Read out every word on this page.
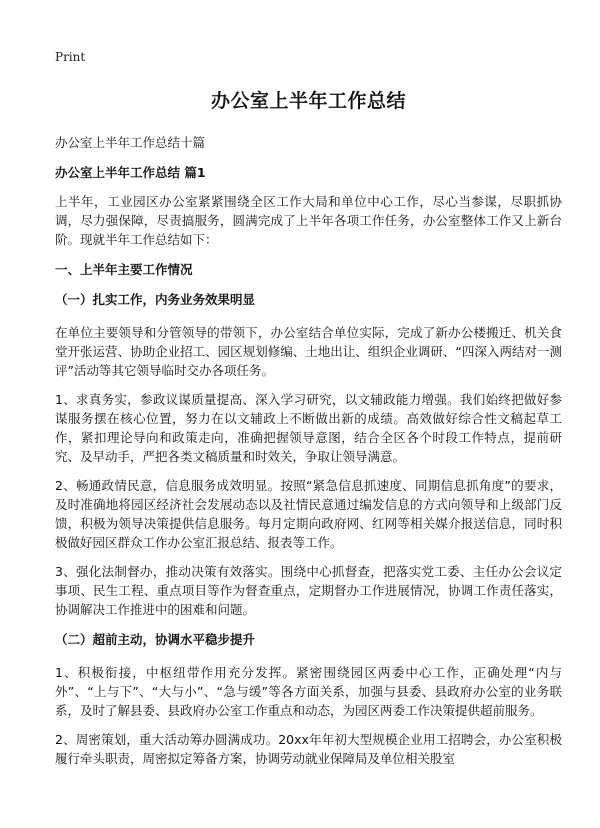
Print
办公室上半年工作总结

办公室上半年工作总结十篇

办公室上半年工作总结 篇1

上半年，工业园区办公室紧紧围绕全区工作大局和单位中心工作，尽心当参谋，尽职抓协调，尽力强保障，尽责搞服务，圆满完成了上半年各项工作任务，办公室整体工作又上新台阶。现就半年工作总结如下：

一、上半年主要工作情况

（一）扎实工作，内务业务效果明显

在单位主要领导和分管领导的带领下，办公室结合单位实际，完成了新办公楼搬迁、机关食堂开张运营、协助企业招工、园区规划修编、土地出让、组织企业调研、“四深入两结对一测评”活动等其它领导临时交办各项任务。

1、求真务实，参政议谋质量提高、深入学习研究，以文辅政能力增强。我们始终把做好参谋服务摆在核心位置，努力在以文辅政上不断做出新的成绩。高效做好综合性文稿起草工作，紧扣理论导向和政策走向，准确把握领导意图，结合全区各个时段工作特点，提前研究、及早动手，严把各类文稿质量和时效关，争取让领导满意。

2、畅通政情民意，信息服务成效明显。按照“紧急信息抓速度、同期信息抓角度”的要求，及时准确地将园区经济社会发展动态以及社情民意通过编发信息的方式向领导和上级部门反馈，积极为领导决策提供信息服务。每月定期向政府网、红网等相关媒介报送信息，同时积极做好园区群众工作办公室汇报总结、报表等工作。

3、强化法制督办，推动决策有效落实。围绕中心抓督查，把落实党工委、主任办公会议定事项、民生工程、重点项目等作为督查重点，定期督办工作进展情况，协调工作责任落实，协调解决工作推进中的困难和问题。

（二）超前主动，协调水平稳步提升

1、积极衔接，中枢纽带作用充分发挥。紧密围绕园区两委中心工作，正确处理“内与外”、“上与下”、“大与小”、“急与缓”等各方面关系，加强与县委、县政府办公室的业务联系，及时了解县委、县政府办公室工作重点和动态，为园区两委工作决策提供超前服务。

2、周密策划，重大活动筹办圆满成功。20xx年年初大型规模企业用工招聘会，办公室积极履行牵头职责，周密拟定筹备方案，协调劳动就业保障局及单位相关股室
